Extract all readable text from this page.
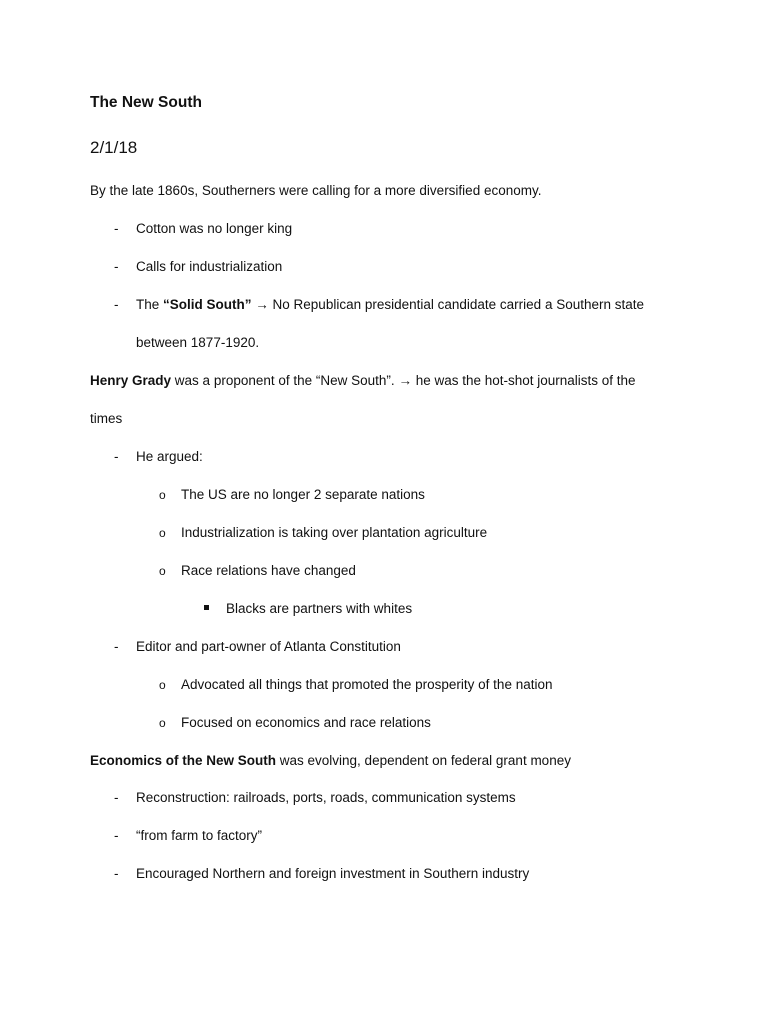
The New South
2/1/18
By the late 1860s, Southerners were calling for a more diversified economy.
- Cotton was no longer king
- Calls for industrialization
- The “Solid South” → No Republican presidential candidate carried a Southern state
between 1877-1920.
Henry Grady was a proponent of the “New South”. → he was the hot-shot journalists of the
times
- He argued:
o The US are no longer 2 separate nations
o Industrialization is taking over plantation agriculture
o Race relations have changed
Blacks are partners with whites
- Editor and part-owner of Atlanta Constitution
o Advocated all things that promoted the prosperity of the nation
o Focused on economics and race relations
Economics of the New South was evolving, dependent on federal grant money
- Reconstruction: railroads, ports, roads, communication systems
- “from farm to factory”
- Encouraged Northern and foreign investment in Southern industry
